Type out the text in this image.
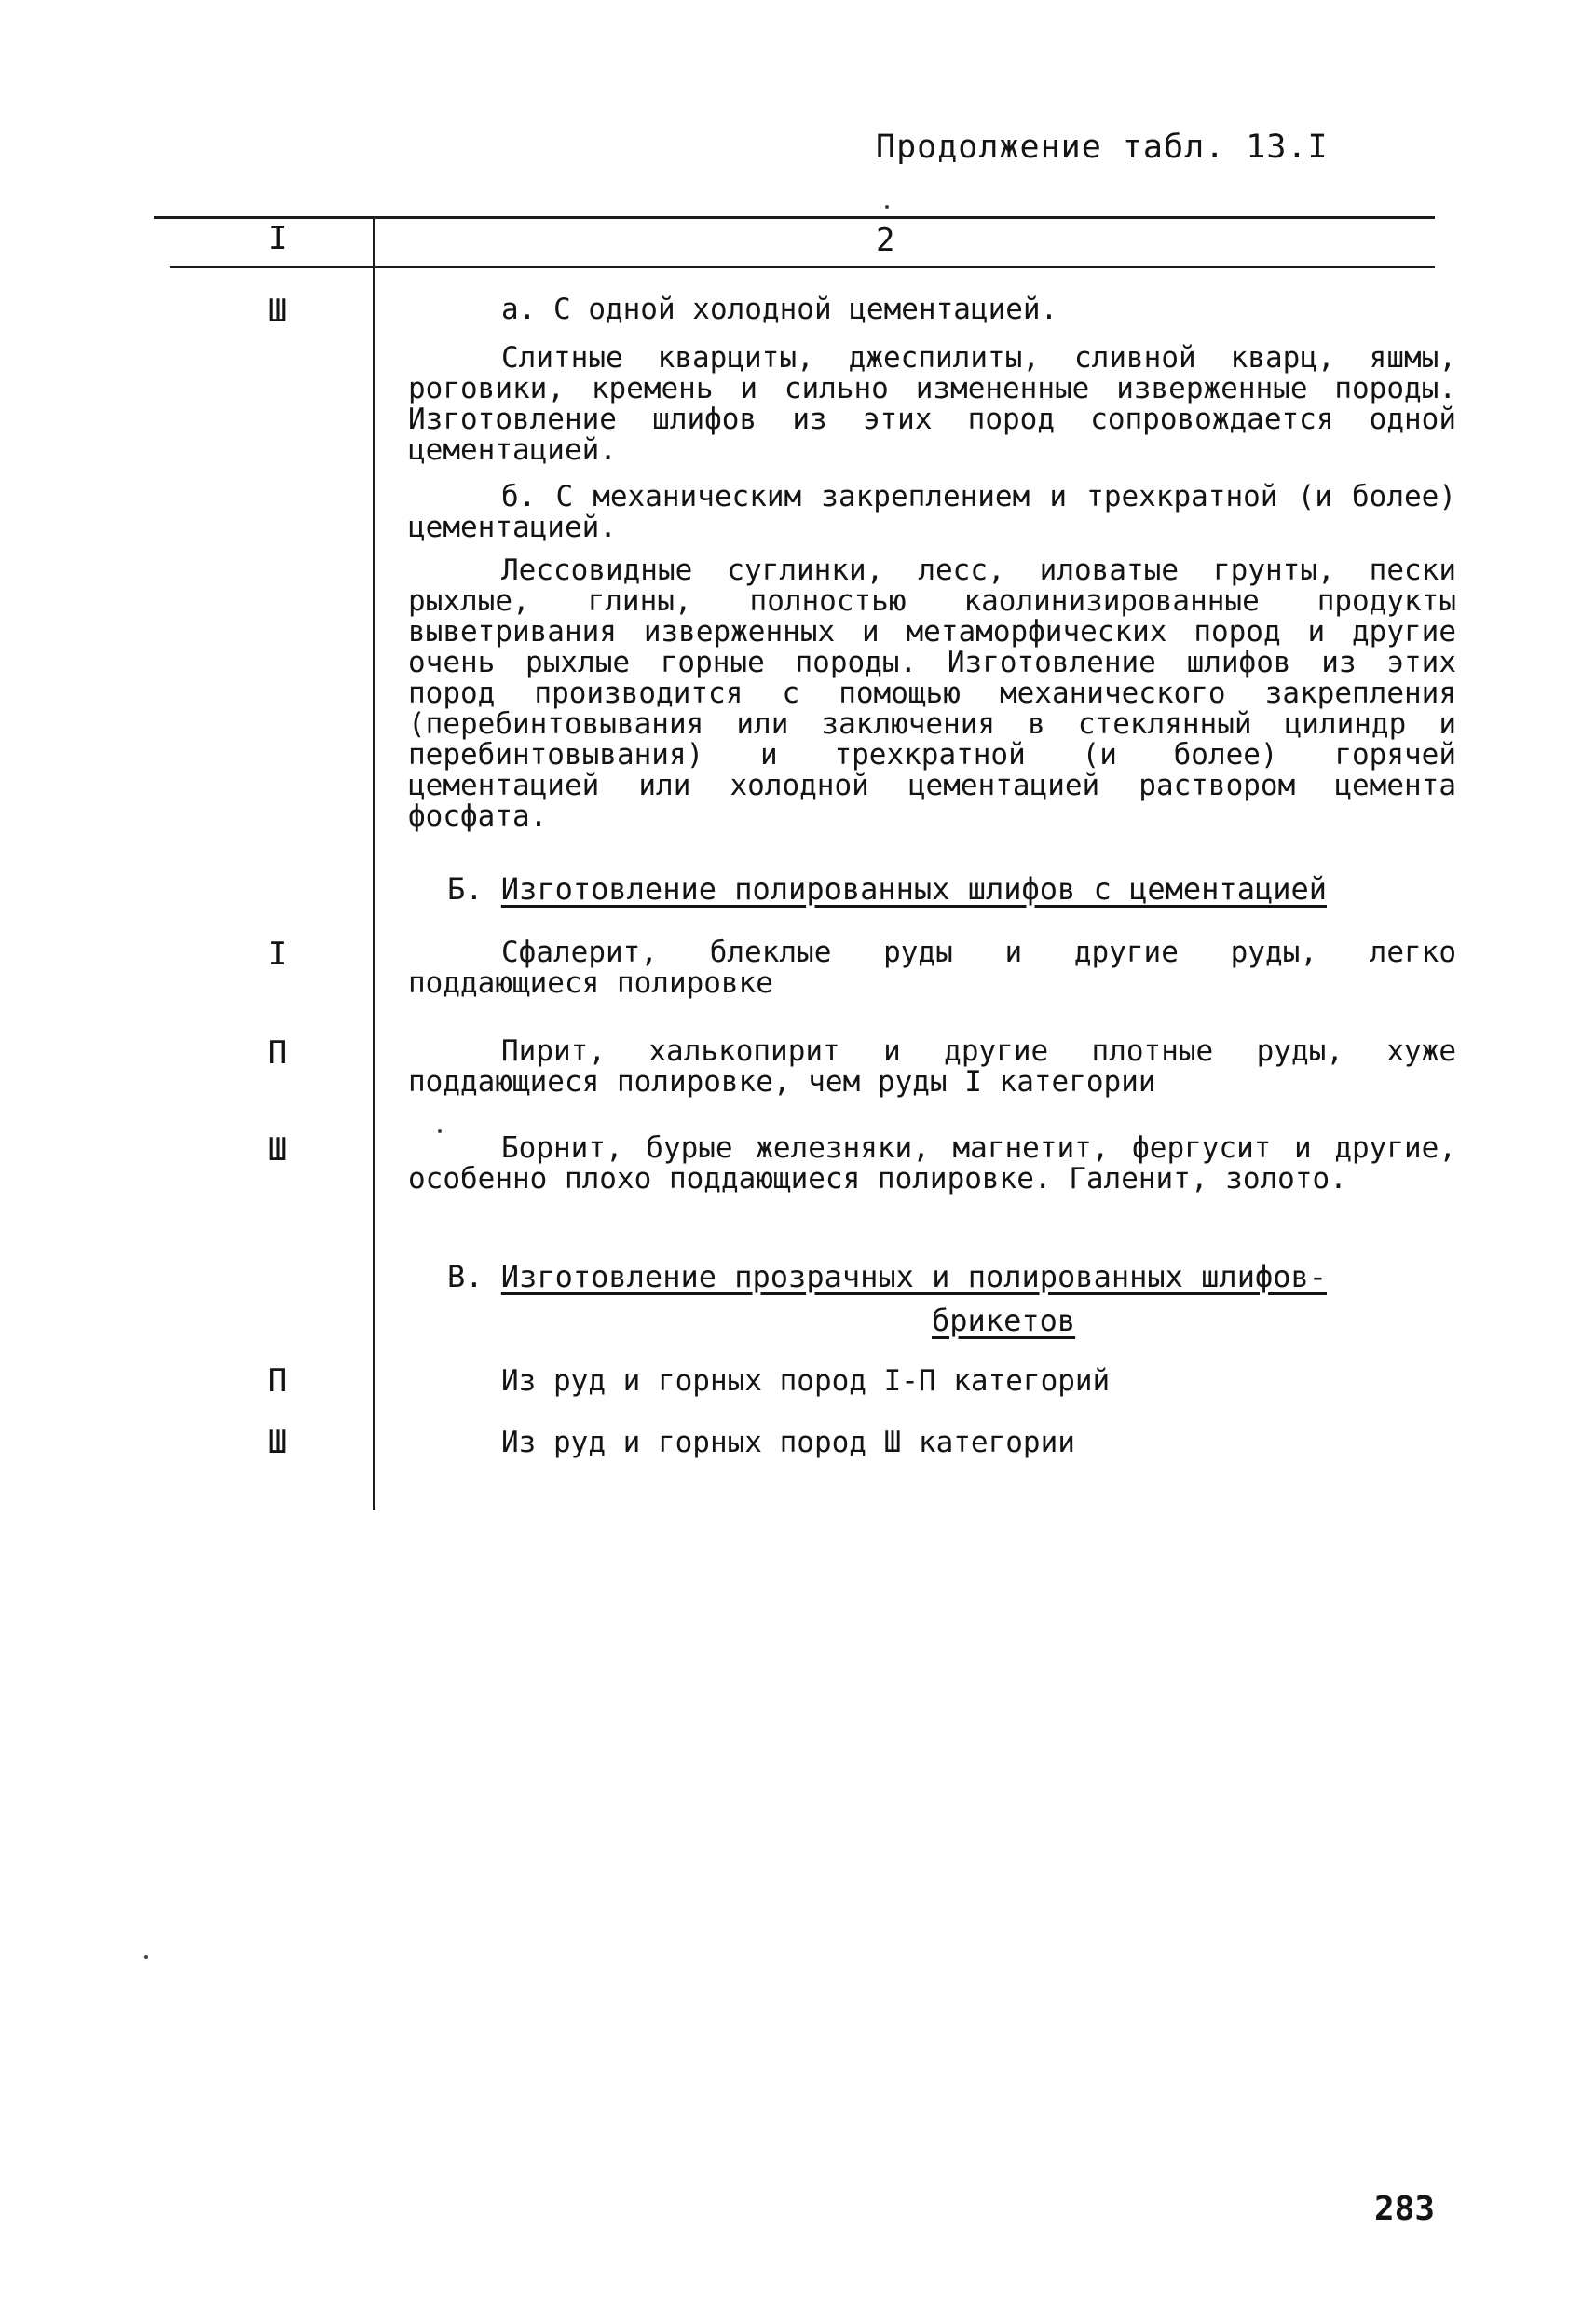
Продолжение табл. 13.I
I	2
Ш	а. С одной холодной цементацией.
Слитные кварциты, джеспилиты, сливной кварц, яшмы, роговики, кремень и сильно измененные изверженные породы. Изготовление шлифов из этих пород сопровождается одной цементацией.
б. С механическим закреплением и трехкратной (и более) цементацией.
Лессовидные суглинки, лесс, иловатые грунты, пески рыхлые, глины, полностью каолинизированные продукты выветривания изверженных и метаморфических пород и другие очень рыхлые горные породы. Изготовление шлифов из этих пород производится с помощью механического закрепления (перебинтовывания или заключения в стеклянный цилиндр и перебинтовывания) и трехкратной (и более) горячей цементацией или холодной цементацией раствором цемента фосфата.
Б. Изготовление полированных шлифов с цементацией
I	Сфалерит, блеклые руды и другие руды, легко поддающиеся полировке
П	Пирит, халькопирит и другие плотные руды, хуже поддающиеся полировке, чем руды I категории
Ш	Борнит, бурые железняки, магнетит, фергусит и другие, особенно плохо поддающиеся полировке. Галенит, золото.
В. Изготовление прозрачных и полированных шлифов-
брикетов
П	Из руд и горных пород I-П категорий
Ш	Из руд и горных пород Ш категории
283
